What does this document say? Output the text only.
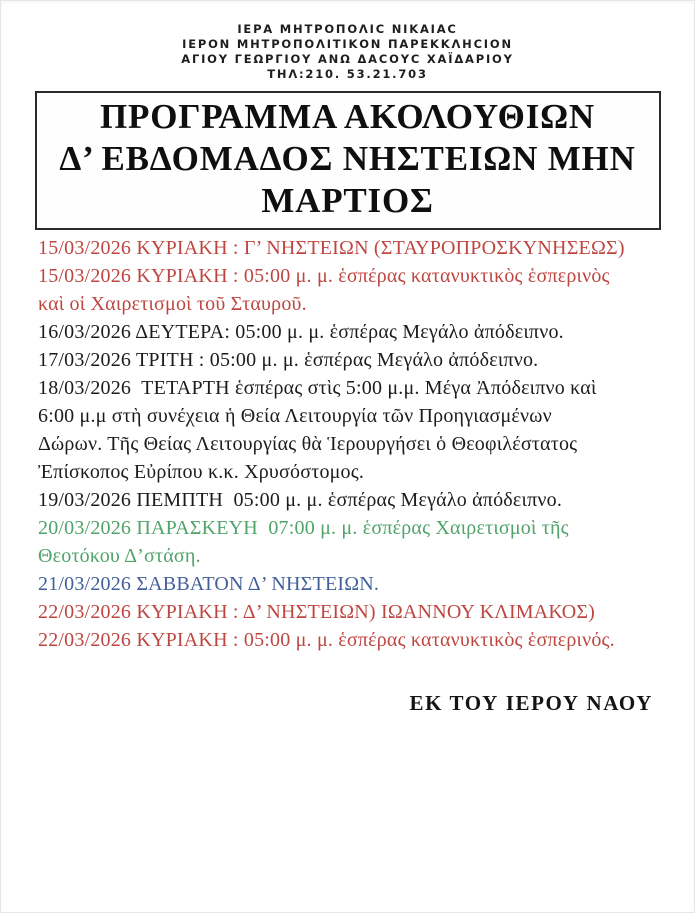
ΙΕΡΑ ΜΗΤΡΟΠΟΛΙC ΝΙΚΑΙΑC
ΙΕΡΟΝ ΜΗΤΡΟΠΟΛΙΤΙΚΟΝ ΠΑΡΕΚΚΛΗCΙΟΝ
ΑΓΙΟΥ ΓΕΩΡΓΙΟΥ ΑΝΩ ΔΑCΟΥC ΧΑΪΔΑΡΙΟΥ
ΤΗΛ:210. 53.21.703
ΠΡΟΓΡΑΜΜΑ ΑΚΟΛΟΥΘΙΩΝ
Δ’ ΕΒΔΟΜΑΔΟΣ ΝΗΣΤΕΙΩΝ ΜΗΝ
ΜΑΡΤΙΟΣ
15/03/2026 ΚΥΡΙΑΚΗ : Γ’ ΝΗΣΤΕΙΩΝ (ΣΤΑΥΡΟΠΡΟΣΚΥΝΗΣΕΩΣ)
15/03/2026 ΚΥΡΙΑΚΗ : 05:00 μ. μ. ἑσπέρας κατανυκτικὸς ἑσπερινὸς
καὶ οἱ Χαιρετισμοὶ τοῦ Σταυροῦ.
16/03/2026 ΔΕΥΤΕΡΑ: 05:00 μ. μ. ἑσπέρας Μεγάλο ἀπόδειπνο.
17/03/2026 ΤΡΙΤΗ : 05:00 μ. μ. ἑσπέρας Μεγάλο ἀπόδειπνο.
18/03/2026  ΤΕΤΑΡΤΗ ἑσπέρας στὶς 5:00 μ.μ. Μέγα Ἀπόδειπνο καὶ
6:00 μ.μ στὴ συνέχεια ἡ Θεία Λειτουργία τῶν Προηγιασμένων
Δώρων. Τῆς Θείας Λειτουργίας θὰ Ἱερουργήσει ὁ Θεοφιλέστατος
Ἐπίσκοπος Εὐρίπου κ.κ. Χρυσόστομος.
19/03/2026 ΠΕΜΠΤΗ  05:00 μ. μ. ἑσπέρας Μεγάλο ἀπόδειπνο.
20/03/2026 ΠΑΡΑΣΚΕΥΗ  07:00 μ. μ. ἑσπέρας Χαιρετισμοὶ τῆς
Θεοτόκου Δ’στάση.
21/03/2026 ΣΑΒΒΑΤΟΝ Δ’ ΝΗΣΤΕΙΩΝ.
22/03/2026 ΚΥΡΙΑΚΗ : Δ’ ΝΗΣΤΕΙΩΝ) ΙΩΑΝΝΟΥ ΚΛΙΜΑΚΟΣ)
22/03/2026 ΚΥΡΙΑΚΗ : 05:00 μ. μ. ἑσπέρας κατανυκτικὸς ἑσπερινός.
ΕΚ ΤΟΥ ΙΕΡΟΥ ΝΑΟΥ
